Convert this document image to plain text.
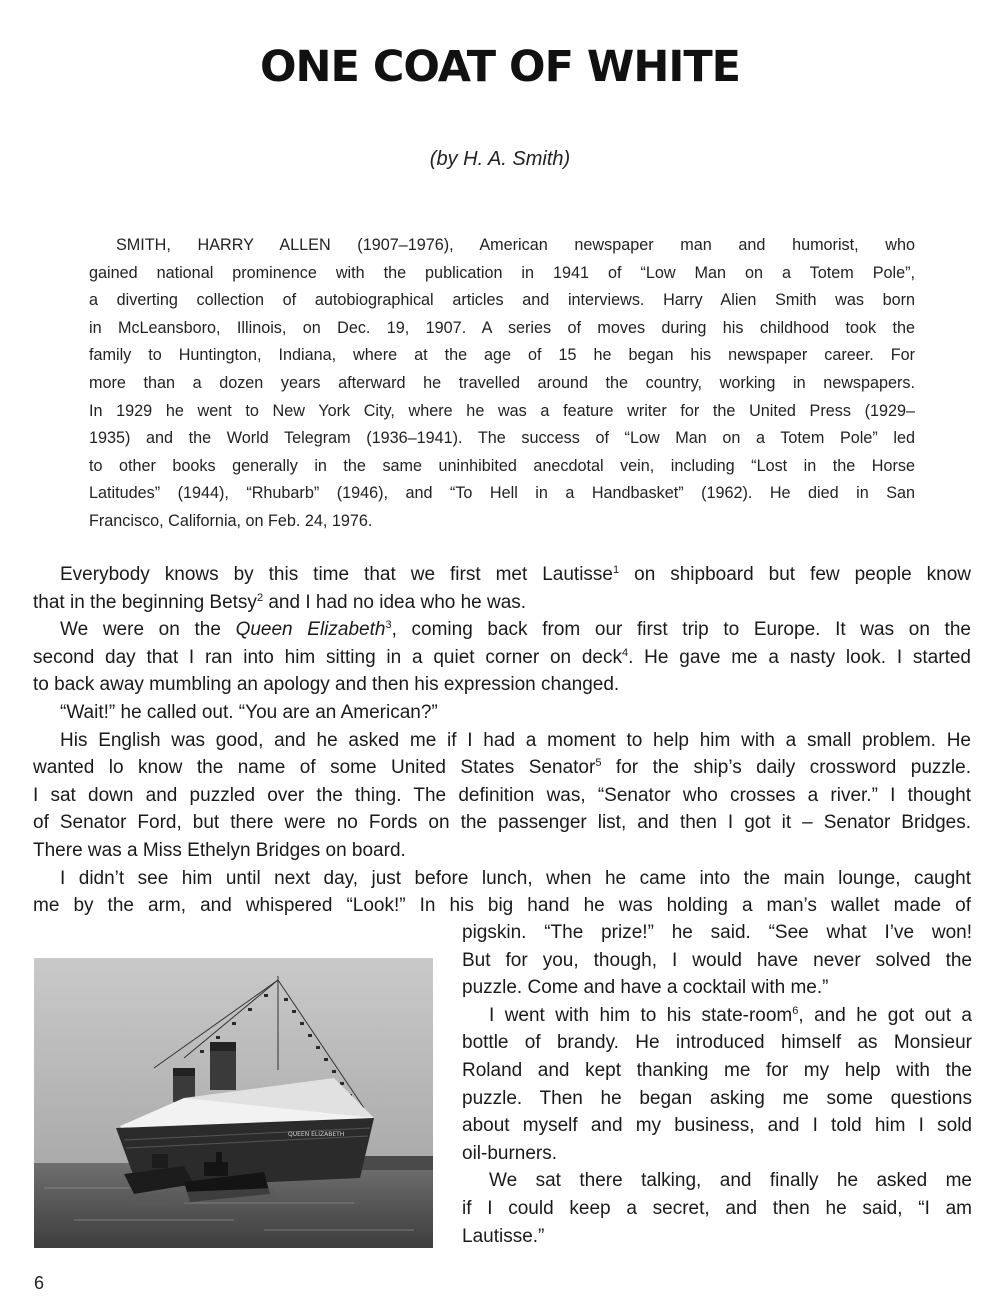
ONE COAT OF WHITE
(by H. A. Smith)
SMITH, HARRY ALLEN (1907–1976), American newspaper man and humorist, who
gained national prominence with the publication in 1941 of “Low Man on a Totem Pole”,
a diverting collection of autobiographical articles and interviews. Harry Alien Smith was born
in McLeansboro, Illinois, on Dec. 19, 1907. A series of moves during his childhood took the
family to Huntington, Indiana, where at the age of 15 he began his newspaper career. For
more than a dozen years afterward he travelled around the country, working in newspapers.
In 1929 he went to New York City, where he was a feature writer for the United Press (1929–
1935) and the World Telegram (1936–1941). The success of “Low Man on a Totem Pole” led
to other books generally in the same uninhibited anecdotal vein, including “Lost in the Horse
Latitudes” (1944), “Rhubarb” (1946), and “To Hell in a Handbasket” (1962). He died in San
Francisco, California, on Feb. 24, 1976.
Everybody knows by this time that we first met Lautisse$^1$ on shipboard but few people know
that in the beginning Betsy$^2$ and I had no idea who he was.
We were on the Queen Elizabeth$^3$, coming back from our first trip to Europe. It was on the
second day that I ran into him sitting in a quiet corner on deck$^4$. He gave me a nasty look. I started
to back away mumbling an apology and then his expression changed.
“Wait!” he called out. “You are an American?”
His English was good, and he asked me if I had a moment to help him with a small problem. He
wanted lo know the name of some United States Senator$^5$ for the ship’s daily crossword puzzle.
I sat down and puzzled over the thing. The definition was, “Senator who crosses a river.” I thought
of Senator Ford, but there were no Fords on the passenger list, and then I got it – Senator Bridges.
There was a Miss Ethelyn Bridges on board.
I didn’t see him until next day, just before lunch, when he came into the main lounge, caught
me by the arm, and whispered “Look!” In his big hand he was holding a man’s wallet made of
pigskin. “The prize!” he said. “See what I’ve won!
But for you, though, I would have never solved the
puzzle. Come and have a cocktail with me.”
I went with him to his state-room$^6$, and he got out a
bottle of brandy. He introduced himself as Monsieur
Roland and kept thanking me for my help with the
puzzle. Then he began asking me some questions
about myself and my business, and I told him I sold
oil-burners.
We sat there talking, and finally he asked me
if I could keep a secret, and then he said, “I am
Lautisse.”
QUEEN ELIZABETH
6
